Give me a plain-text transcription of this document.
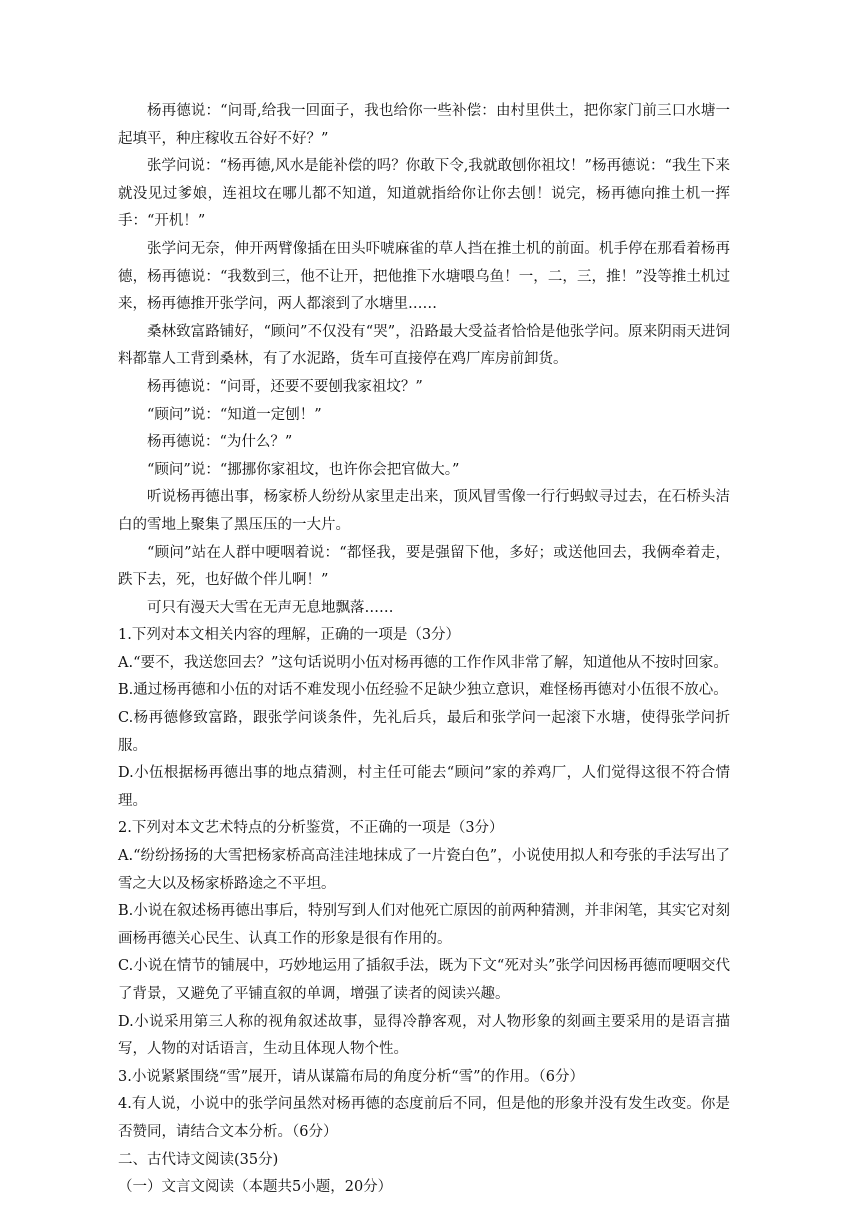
杨再德说：“问哥,给我一回面子，我也给你一些补偿：由村里供土，把你家门前三口水塘一起填平，种庄稼收五谷好不好？”

张学问说：“杨再德,风水是能补偿的吗？你敢下令,我就敢刨你祖坟！”杨再德说：“我生下来就没见过爹娘，连祖坟在哪儿都不知道，知道就指给你让你去刨！说完，杨再德向推土机一挥手：“开机！”

张学问无奈，伸开两臂像插在田头吓唬麻雀的草人挡在推土机的前面。机手停在那看着杨再德，杨再德说：“我数到三，他不让开，把他推下水塘喂乌鱼！一，二，三，推！”没等推土机过来，杨再德推开张学问，两人都滚到了水塘里……

桑林致富路铺好，“顾问”不仅没有“哭”，沿路最大受益者恰恰是他张学问。原来阴雨天进饲料都靠人工背到桑林，有了水泥路，货车可直接停在鸡厂库房前卸货。

杨再德说：“问哥，还要不要刨我家祖坟？”

“顾问”说：“知道一定刨！”

杨再德说：“为什么？”

“顾问”说：“挪挪你家祖坟，也许你会把官做大。”

听说杨再德出事，杨家桥人纷纷从家里走出来，顶风冒雪像一行行蚂蚁寻过去，在石桥头洁白的雪地上聚集了黑压压的一大片。

“顾问”站在人群中哽咽着说：“都怪我，要是强留下他，多好；或送他回去，我俩牵着走，跌下去，死，也好做个伴儿啊！”

可只有漫天大雪在无声无息地飘落……

1.下列对本文相关内容的理解，正确的一项是（3分）

A.“要不，我送您回去？”这句话说明小伍对杨再德的工作作风非常了解，知道他从不按时回家。

B.通过杨再德和小伍的对话不难发现小伍经验不足缺少独立意识，难怪杨再德对小伍很不放心。

C.杨再德修致富路，跟张学问谈条件，先礼后兵，最后和张学问一起滚下水塘，使得张学问折服。

D.小伍根据杨再德出事的地点猜测，村主任可能去“顾问”家的养鸡厂，人们觉得这很不符合情理。

2.下列对本文艺术特点的分析鉴赏，不正确的一项是（3分）

A.“纷纷扬扬的大雪把杨家桥高高洼洼地抹成了一片瓷白色”，小说使用拟人和夸张的手法写出了雪之大以及杨家桥路途之不平坦。

B.小说在叙述杨再德出事后，特别写到人们对他死亡原因的前两种猜测，并非闲笔，其实它对刻画杨再德关心民生、认真工作的形象是很有作用的。

C.小说在情节的铺展中，巧妙地运用了插叙手法，既为下文“死对头”张学问因杨再德而哽咽交代了背景，又避免了平铺直叙的单调，增强了读者的阅读兴趣。

D.小说采用第三人称的视角叙述故事，显得冷静客观，对人物形象的刻画主要采用的是语言描写，人物的对话语言，生动且体现人物个性。

3.小说紧紧围绕“雪”展开，请从谋篇布局的角度分析“雪”的作用。（6分）

4.有人说，小说中的张学问虽然对杨再德的态度前后不同，但是他的形象并没有发生改变。你是否赞同，请结合文本分析。（6分）

二、古代诗文阅读(35分)

（一）文言文阅读（本题共5小题，20分）
